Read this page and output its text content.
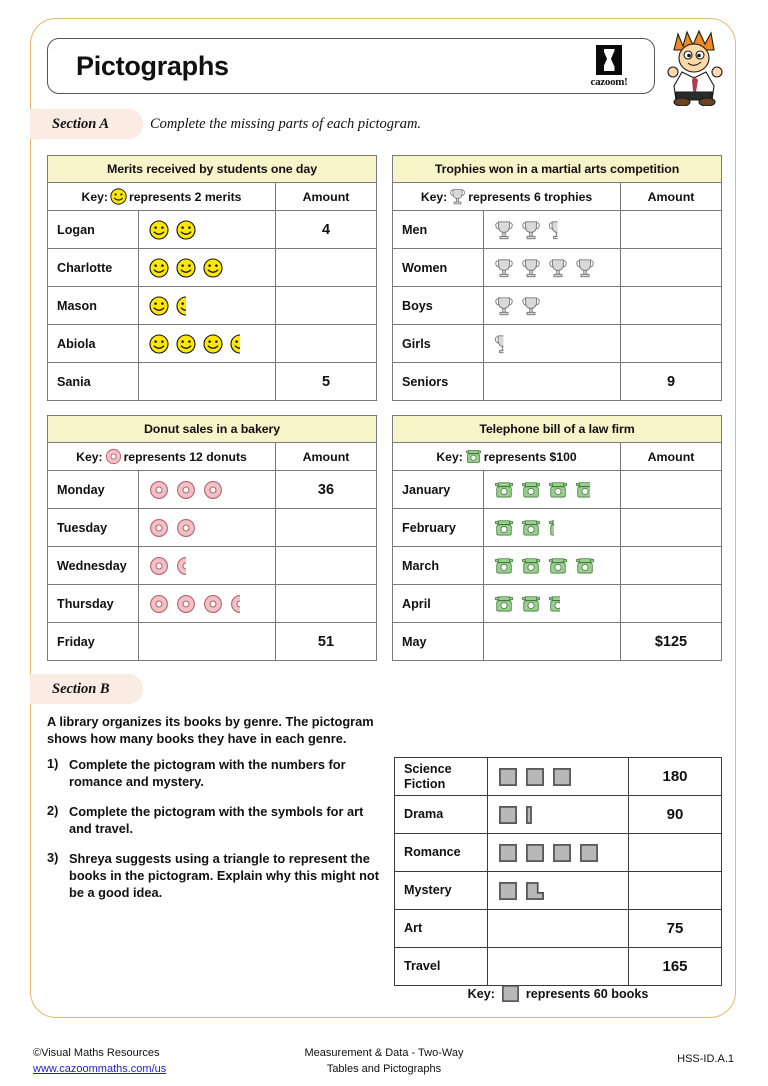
Pictographs
cazoom!
Section A	Complete the missing parts of each pictogram.
Merits received by students one day
Key: represents 2 merits	Amount
Logan	4
Charlotte
Mason
Abiola
Sania	5
Trophies won in a martial arts competition
Key: represents 6 trophies	Amount
Men
Women
Boys
Girls
Seniors	9
Donut sales in a bakery
Key: represents 12 donuts	Amount
Monday	36
Tuesday
Wednesday
Thursday
Friday	51
Telephone bill of a law firm
Key: represents $100	Amount
January
February
March
April
May	$125
Section B
A library organizes its books by genre. The pictogram shows how many books they have in each genre.
1) Complete the pictogram with the numbers for romance and mystery.
2) Complete the pictogram with the symbols for art and travel.
3) Shreya suggests using a triangle to represent the books in the pictogram. Explain why this might not be a good idea.
Science Fiction	180
Drama	90
Romance
Mystery
Art	75
Travel	165
Key: represents 60 books
©Visual Maths Resources
www.cazoommaths.com/us
Measurement & Data - Two-Way
Tables and Pictographs
HSS-ID.A.1
